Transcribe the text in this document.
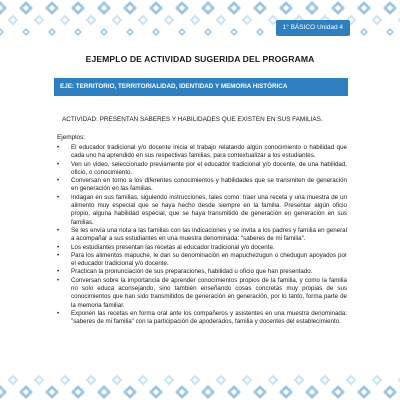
1° BÁSICO Unidad 4
EJEMPLO DE ACTIVIDAD SUGERIDA DEL PROGRAMA
EJE: TERRITORIO, TERRITORIALIDAD, IDENTIDAD Y MEMORIA HISTÓRICA
ACTIVIDAD: PRESENTAN SABERES Y HABILIDADES QUE EXISTEN EN SUS FAMILIAS.
Ejemplos:
• El educador tradicional y/o docente inicia el trabajo relatando algún conocimiento o habilidad que cada uno ha aprendido en sus respectivas familias, para contextualizar a los estudiantes.
• Ven un video, seleccionado previamente por el educador tradicional y/o docente, de una habilidad, oficio, o conocimiento.
• Conversan en torno a los diferentes conocimientos y habilidades que se transmiten de generación en generación en las familias.
• Indagan en sus familias, siguiendo instrucciones, tales como: traer una receta y una muestra de un alimento muy especial que se haya hecho desde siempre en la familia. Presentar algún oficio propio, alguna habilidad especial, que se haya transmitido de generación en generación en sus familias.
• Se les envía una nota a las familias con las indicaciones y se invita a los padres y familia en general a acompañar a sus estudiantes en una muestra denominada: "saberes de mi familia".
• Los estudiantes presentan las recetas al educador tradicional y/o docente.
• Para los alimentos mapuche, le dan su denominación en mapuchezugun o chedugun apoyados por el educador tradicional y/o docente.
• Practican la pronunciación de sus preparaciones, habilidad u oficio que han presentado.
• Conversan sobre la importancia de aprender conocimientos propios de la familia, y como la familia no solo educa aconsejando, sino también enseñando cosas concretas muy propias de sus conocimientos que han sido transmitidos de generación en generación, por lo tanto, forma parte de la memoria familiar.
• Exponen las recetas en forma oral ante los compañeros y asistentes en una muestra denominada: "saberes de mi familia" con la participación de apoderados, familia y docentes del establecimiento.
